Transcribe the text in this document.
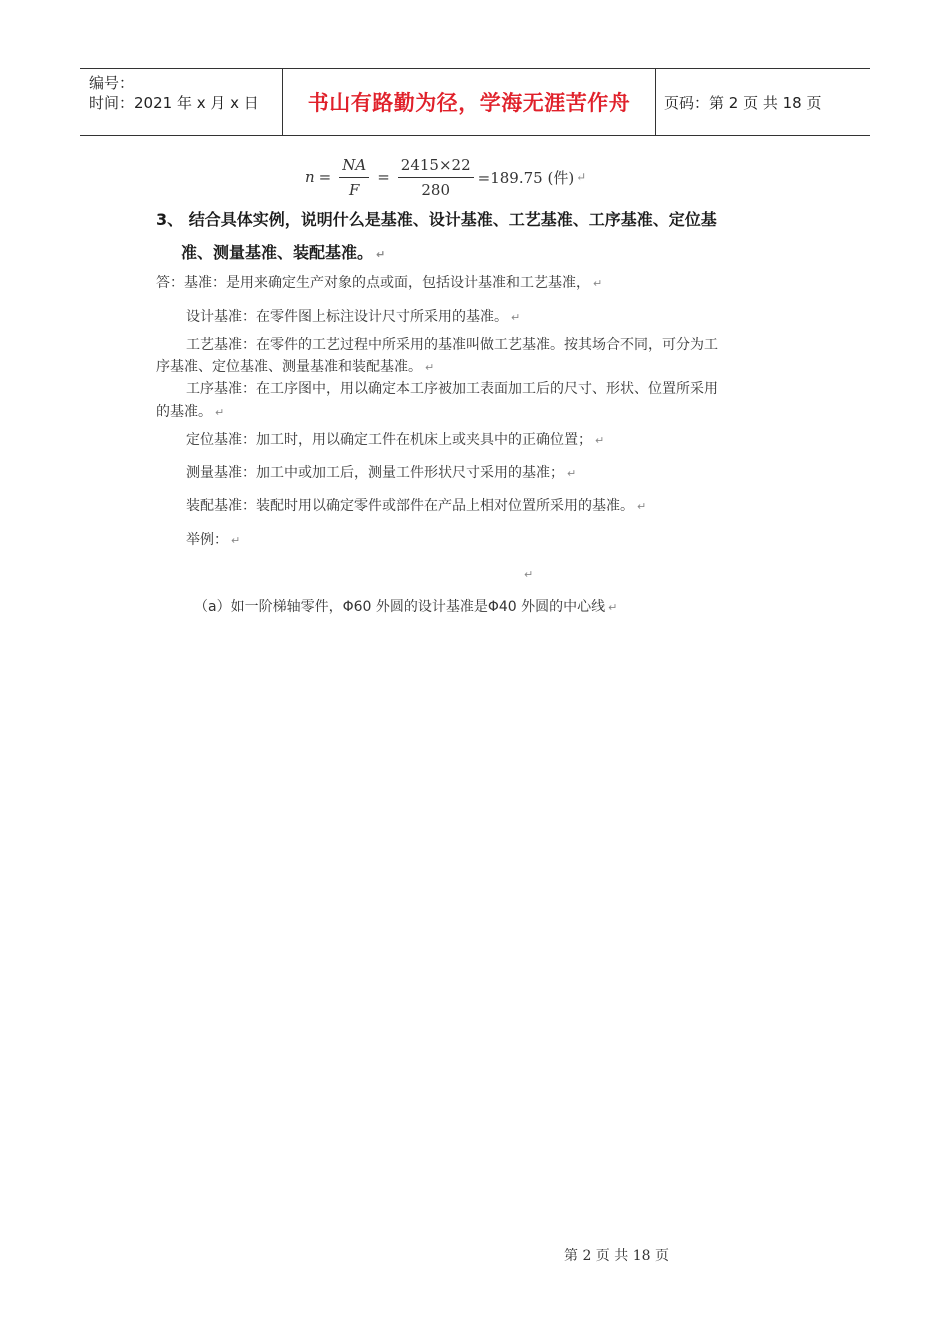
编号：
时间：2021 年 x 月 x 日	书山有路勤为径，学海无涯苦作舟 页码：第 2 页 共 18 页
$n = \frac{NA}{F} = \frac{2415\times 22}{280} =189.75$ (件) ↵
3、 结合具体实例，说明什么是基准、设计基准、工艺基准、工序基准、定位基
准、测量基准、装配基准。 ↵
答：基准：是用来确定生产对象的点或面，包括设计基准和工艺基准， ↵
设计基准：在零件图上标注设计尺寸所采用的基准。 ↵
工艺基准：在零件的工艺过程中所采用的基准叫做工艺基准。按其场合不同，可分为工
序基准、定位基准、测量基准和装配基准。 ↵
工序基准：在工序图中，用以确定本工序被加工表面加工后的尺寸、形状、位置所采用
的基准。 ↵
定位基准：加工时，用以确定工件在机床上或夹具中的正确位置； ↵
测量基准：加工中或加工后，测量工件形状尺寸采用的基准； ↵
装配基准：装配时用以确定零件或部件在产品上相对位置所采用的基准。 ↵
举例： ↵
↵
（a）如一阶梯轴零件，Φ60 外圆的设计基准是Φ40 外圆的中心线 ↵
第 2 页 共 18 页
